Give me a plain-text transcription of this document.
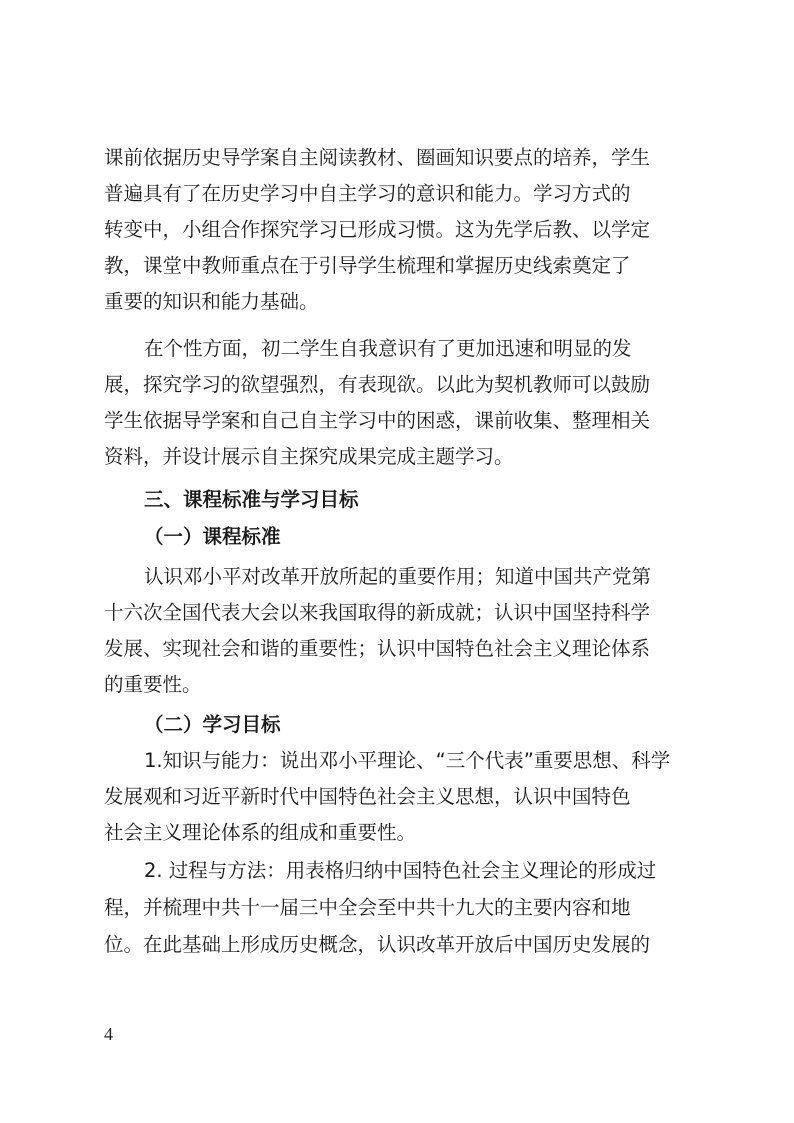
课前依据历史导学案自主阅读教材、圈画知识要点的培养，学生
普遍具有了在历史学习中自主学习的意识和能力。学习方式的
转变中，小组合作探究学习已形成习惯。这为先学后教、以学定
教，课堂中教师重点在于引导学生梳理和掌握历史线索奠定了
重要的知识和能力基础。
在个性方面，初二学生自我意识有了更加迅速和明显的发
展，探究学习的欲望强烈，有表现欲。以此为契机教师可以鼓励
学生依据导学案和自己自主学习中的困惑，课前收集、整理相关
资料，并设计展示自主探究成果完成主题学习。
三、课程标准与学习目标
（一）课程标准
认识邓小平对改革开放所起的重要作用；知道中国共产党第
十六次全国代表大会以来我国取得的新成就；认识中国坚持科学
发展、实现社会和谐的重要性；认识中国特色社会主义理论体系
的重要性。
（二）学习目标
1.知识与能力：说出邓小平理论、“三个代表”重要思想、科学
发展观和习近平新时代中国特色社会主义思想，认识中国特色
社会主义理论体系的组成和重要性。
2. 过程与方法：用表格归纳中国特色社会主义理论的形成过
程，并梳理中共十一届三中全会至中共十九大的主要内容和地
位。在此基础上形成历史概念，认识改革开放后中国历史发展的
4
